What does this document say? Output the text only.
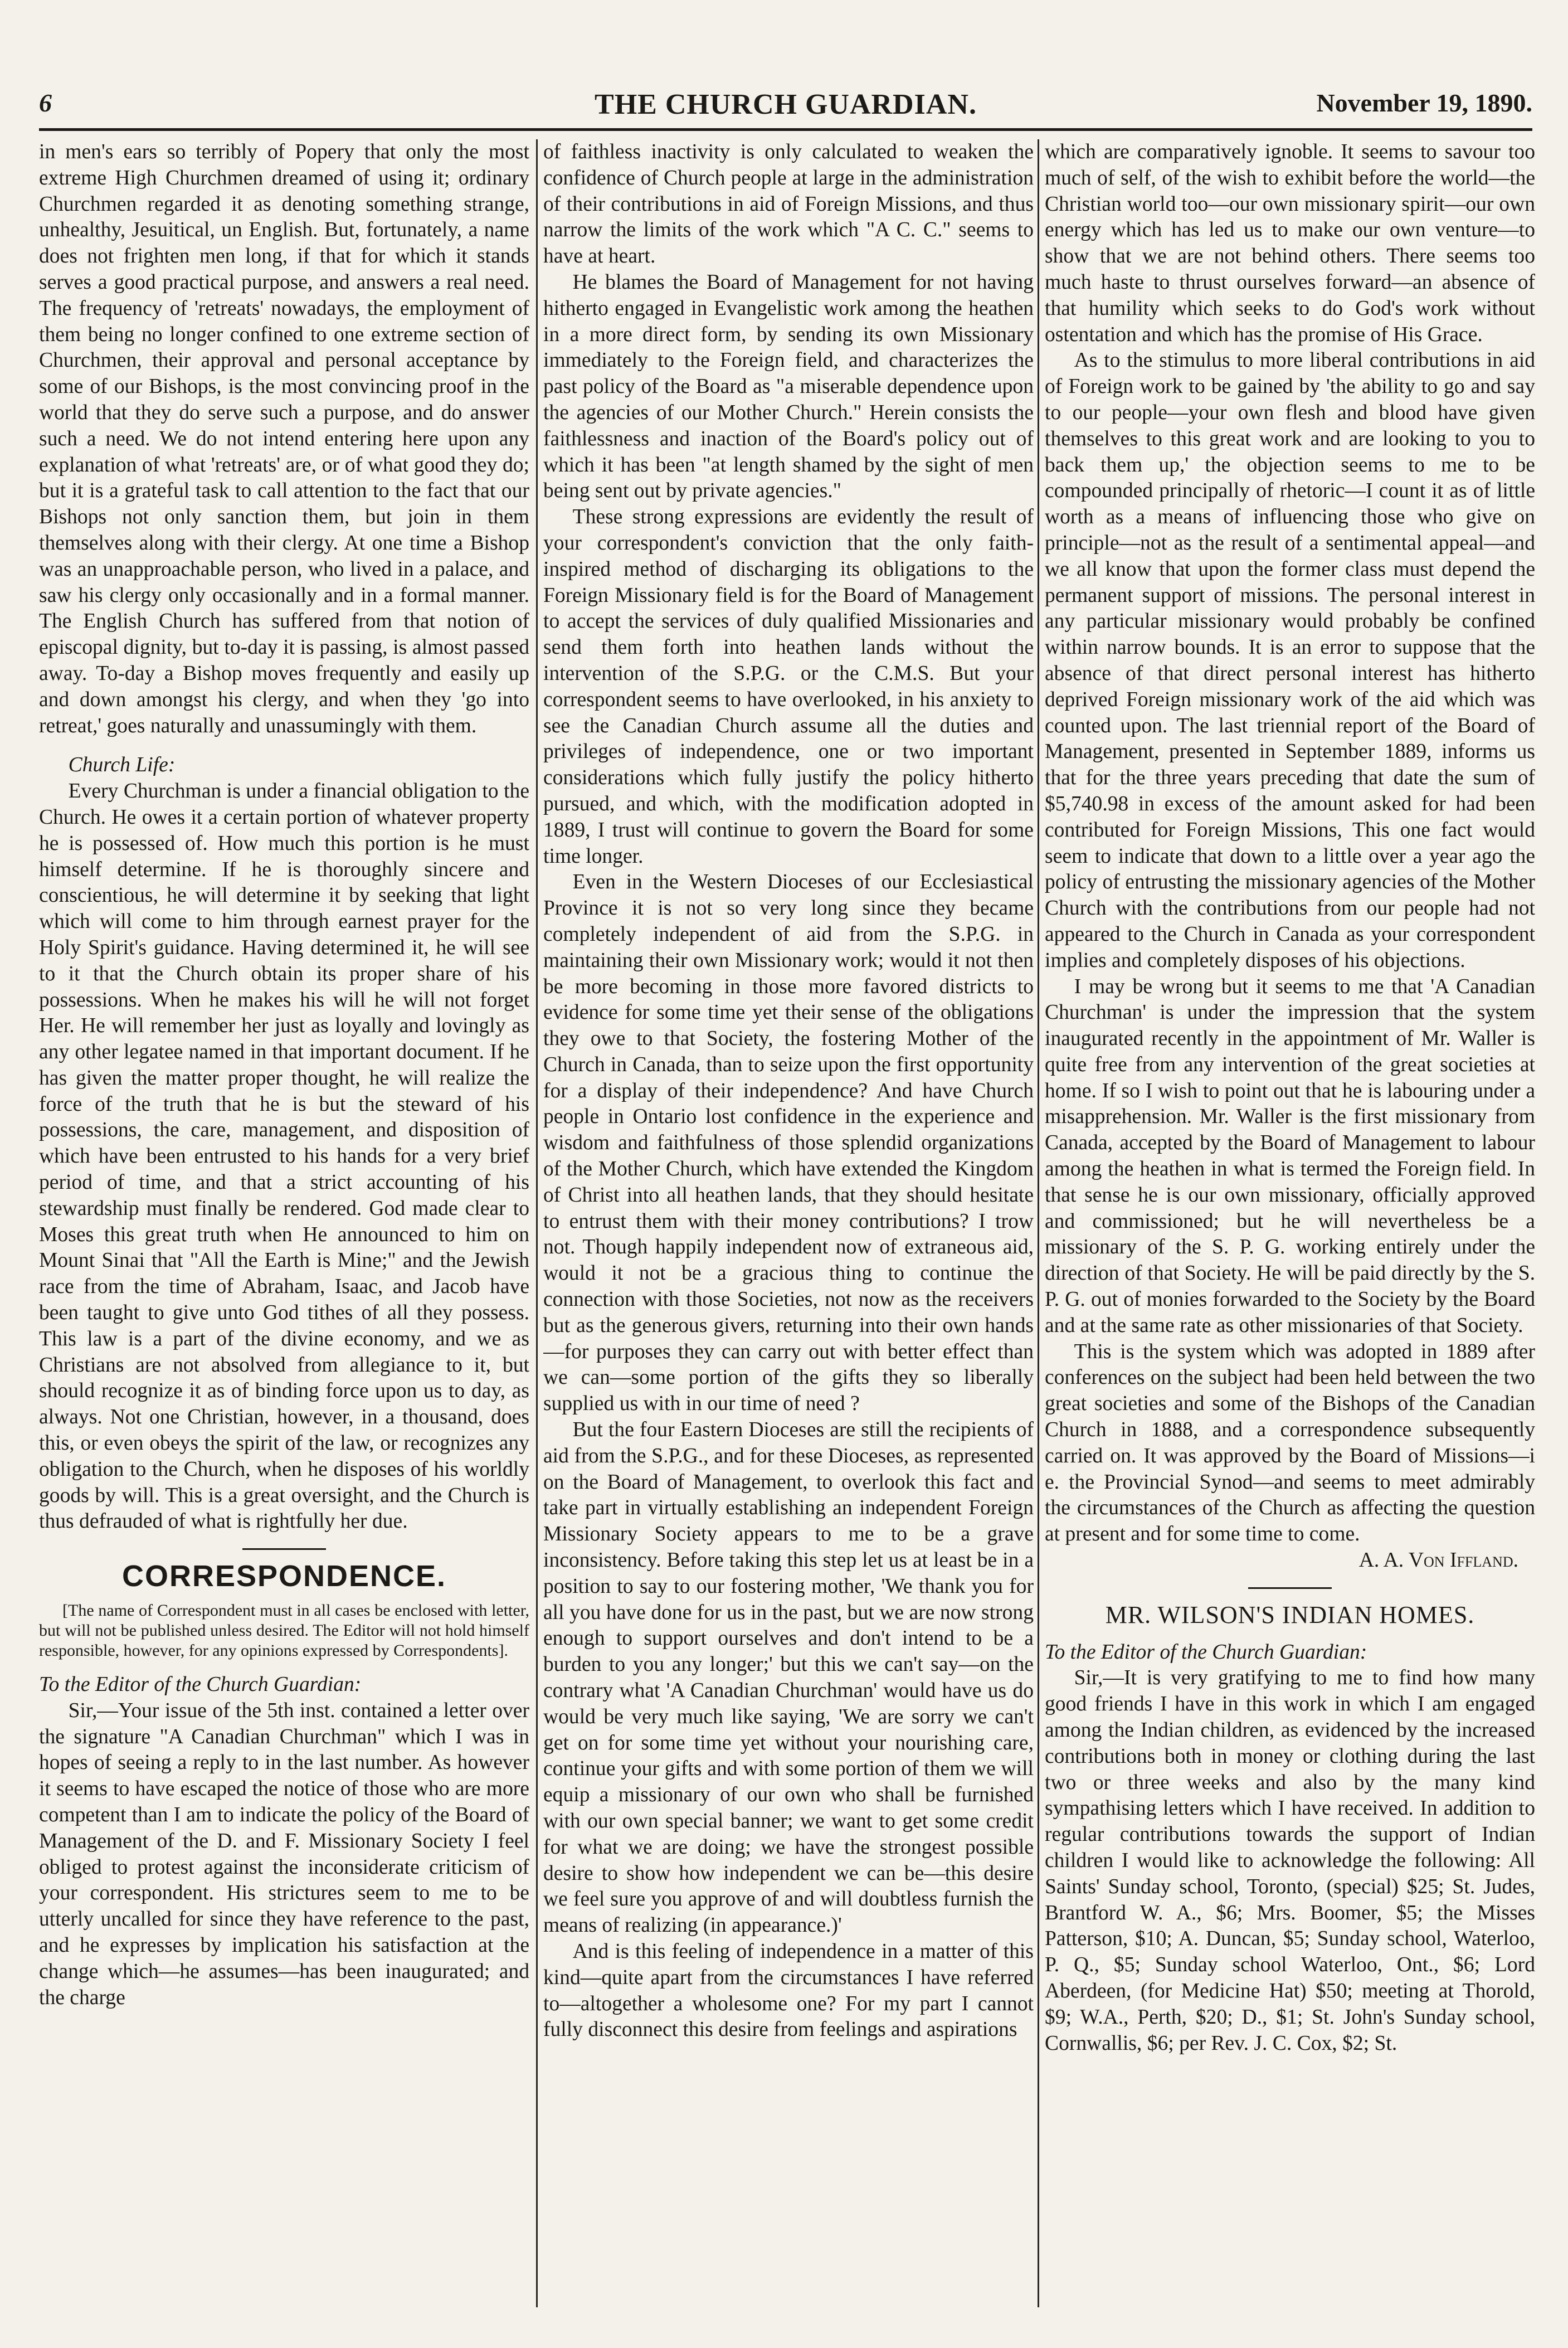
6	THE CHURCH GUARDIAN.	November 19, 1890.

in men's ears so terribly of Popery that only the most extreme High Churchmen dreamed of using it; ordinary Churchmen regarded it as denoting something strange, unhealthy, Jesuitical, un English. But, fortunately, a name does not frighten men long, if that for which it stands serves a good practical purpose, and answers a real need. The frequency of 'retreats' nowadays, the employment of them being no longer confined to one extreme section of Churchmen, their approval and personal acceptance by some of our Bishops, is the most convincing proof in the world that they do serve such a purpose, and do answer such a need. We do not intend entering here upon any explanation of what 'retreats' are, or of what good they do; but it is a grateful task to call attention to the fact that our Bishops not only sanction them, but join in them themselves along with their clergy. At one time a Bishop was an unapproachable person, who lived in a palace, and saw his clergy only occasionally and in a formal manner. The English Church has suffered from that notion of episcopal dignity, but to-day it is passing, is almost passed away. To-day a Bishop moves frequently and easily up and down amongst his clergy, and when they 'go into retreat,' goes naturally and unassumingly with them.

Church Life:

Every Churchman is under a financial obligation to the Church. He owes it a certain portion of whatever property he is possessed of. How much this portion is he must himself determine. If he is thoroughly sincere and conscientious, he will determine it by seeking that light which will come to him through earnest prayer for the Holy Spirit's guidance. Having determined it, he will see to it that the Church obtain its proper share of his possessions. When he makes his will he will not forget Her. He will remember her just as loyally and lovingly as any other legatee named in that important document. If he has given the matter proper thought, he will realize the force of the truth that he is but the steward of his possessions, the care, management, and disposition of which have been entrusted to his hands for a very brief period of time, and that a strict accounting of his stewardship must finally be rendered. God made clear to Moses this great truth when He announced to him on Mount Sinai that "All the Earth is Mine;" and the Jewish race from the time of Abraham, Isaac, and Jacob have been taught to give unto God tithes of all they possess. This law is a part of the divine economy, and we as Christians are not absolved from allegiance to it, but should recognize it as of binding force upon us to day, as always. Not one Christian, however, in a thousand, does this, or even obeys the spirit of the law, or recognizes any obligation to the Church, when he disposes of his worldly goods by will. This is a great oversight, and the Church is thus defrauded of what is rightfully her due.

CORRESPONDENCE.

[The name of Correspondent must in all cases be enclosed with letter, but will not be published unless desired. The Editor will not hold himself responsible, however, for any opinions expressed by Correspondents].

To the Editor of the Church Guardian:

Sir,—Your issue of the 5th inst. contained a letter over the signature "A Canadian Churchman" which I was in hopes of seeing a reply to in the last number. As however it seems to have escaped the notice of those who are more competent than I am to indicate the policy of the Board of Management of the D. and F. Missionary Society I feel obliged to protest against the inconsiderate criticism of your correspondent. His strictures seem to me to be utterly uncalled for since they have reference to the past, and he expresses by implication his satisfaction at the change which—he assumes—has been inaugurated; and the charge

of faithless inactivity is only calculated to weaken the confidence of Church people at large in the administration of their contributions in aid of Foreign Missions, and thus narrow the limits of the work which "A C. C." seems to have at heart.

He blames the Board of Management for not having hitherto engaged in Evangelistic work among the heathen in a more direct form, by sending its own Missionary immediately to the Foreign field, and characterizes the past policy of the Board as "a miserable dependence upon the agencies of our Mother Church." Herein consists the faithlessness and inaction of the Board's policy out of which it has been "at length shamed by the sight of men being sent out by private agencies."

These strong expressions are evidently the result of your correspondent's conviction that the only faith-inspired method of discharging its obligations to the Foreign Missionary field is for the Board of Management to accept the services of duly qualified Missionaries and send them forth into heathen lands without the intervention of the S.P.G. or the C.M.S. But your correspondent seems to have overlooked, in his anxiety to see the Canadian Church assume all the duties and privileges of independence, one or two important considerations which fully justify the policy hitherto pursued, and which, with the modification adopted in 1889, I trust will continue to govern the Board for some time longer.

Even in the Western Dioceses of our Ecclesiastical Province it is not so very long since they became completely independent of aid from the S.P.G. in maintaining their own Missionary work; would it not then be more becoming in those more favored districts to evidence for some time yet their sense of the obligations they owe to that Society, the fostering Mother of the Church in Canada, than to seize upon the first opportunity for a display of their independence? And have Church people in Ontario lost confidence in the experience and wisdom and faithfulness of those splendid organizations of the Mother Church, which have extended the Kingdom of Christ into all heathen lands, that they should hesitate to entrust them with their money contributions? I trow not. Though happily independent now of extraneous aid, would it not be a gracious thing to continue the connection with those Societies, not now as the receivers but as the generous givers, returning into their own hands—for purposes they can carry out with better effect than we can—some portion of the gifts they so liberally supplied us with in our time of need ?

But the four Eastern Dioceses are still the recipients of aid from the S.P.G., and for these Dioceses, as represented on the Board of Management, to overlook this fact and take part in virtually establishing an independent Foreign Missionary Society appears to me to be a grave inconsistency. Before taking this step let us at least be in a position to say to our fostering mother, 'We thank you for all you have done for us in the past, but we are now strong enough to support ourselves and don't intend to be a burden to you any longer;' but this we can't say—on the contrary what 'A Canadian Churchman' would have us do would be very much like saying, 'We are sorry we can't get on for some time yet without your nourishing care, continue your gifts and with some portion of them we will equip a missionary of our own who shall be furnished with our own special banner; we want to get some credit for what we are doing; we have the strongest possible desire to show how independent we can be—this desire we feel sure you approve of and will doubtless furnish the means of realizing (in appearance.)'

And is this feeling of independence in a matter of this kind—quite apart from the circumstances I have referred to—altogether a wholesome one? For my part I cannot fully disconnect this desire from feelings and aspirations

which are comparatively ignoble. It seems to savour too much of self, of the wish to exhibit before the world—the Christian world too—our own missionary spirit—our own energy which has led us to make our own venture—to show that we are not behind others. There seems too much haste to thrust ourselves forward—an absence of that humility which seeks to do God's work without ostentation and which has the promise of His Grace.

As to the stimulus to more liberal contributions in aid of Foreign work to be gained by 'the ability to go and say to our people—your own flesh and blood have given themselves to this great work and are looking to you to back them up,' the objection seems to me to be compounded principally of rhetoric—I count it as of little worth as a means of influencing those who give on principle—not as the result of a sentimental appeal—and we all know that upon the former class must depend the permanent support of missions. The personal interest in any particular missionary would probably be confined within narrow bounds. It is an error to suppose that the absence of that direct personal interest has hitherto deprived Foreign missionary work of the aid which was counted upon. The last triennial report of the Board of Management, presented in September 1889, informs us that for the three years preceding that date the sum of $5,740.98 in excess of the amount asked for had been contributed for Foreign Missions, This one fact would seem to indicate that down to a little over a year ago the policy of entrusting the missionary agencies of the Mother Church with the contributions from our people had not appeared to the Church in Canada as your correspondent implies and completely disposes of his objections.

I may be wrong but it seems to me that 'A Canadian Churchman' is under the impression that the system inaugurated recently in the appointment of Mr. Waller is quite free from any intervention of the great societies at home. If so I wish to point out that he is labouring under a misapprehension. Mr. Waller is the first missionary from Canada, accepted by the Board of Management to labour among the heathen in what is termed the Foreign field. In that sense he is our own missionary, officially approved and commissioned; but he will nevertheless be a missionary of the S. P. G. working entirely under the direction of that Society. He will be paid directly by the S. P. G. out of monies forwarded to the Society by the Board and at the same rate as other missionaries of that Society.

This is the system which was adopted in 1889 after conferences on the subject had been held between the two great societies and some of the Bishops of the Canadian Church in 1888, and a correspondence subsequently carried on. It was approved by the Board of Missions—i e. the Provincial Synod—and seems to meet admirably the circumstances of the Church as affecting the question at present and for some time to come.

A. A. Von Iffland.

MR. WILSON'S INDIAN HOMES.

To the Editor of the Church Guardian:

Sir,—It is very gratifying to me to find how many good friends I have in this work in which I am engaged among the Indian children, as evidenced by the increased contributions both in money or clothing during the last two or three weeks and also by the many kind sympathising letters which I have received. In addition to regular contributions towards the support of Indian children I would like to acknowledge the following: All Saints' Sunday school, Toronto, (special) $25; St. Judes, Brantford W. A., $6; Mrs. Boomer, $5; the Misses Patterson, $10; A. Duncan, $5; Sunday school, Waterloo, P. Q., $5; Sunday school Waterloo, Ont., $6; Lord Aberdeen, (for Medicine Hat) $50; meeting at Thorold, $9; W.A., Perth, $20; D., $1; St. John's Sunday school, Cornwallis, $6; per Rev. J. C. Cox, $2; St.
